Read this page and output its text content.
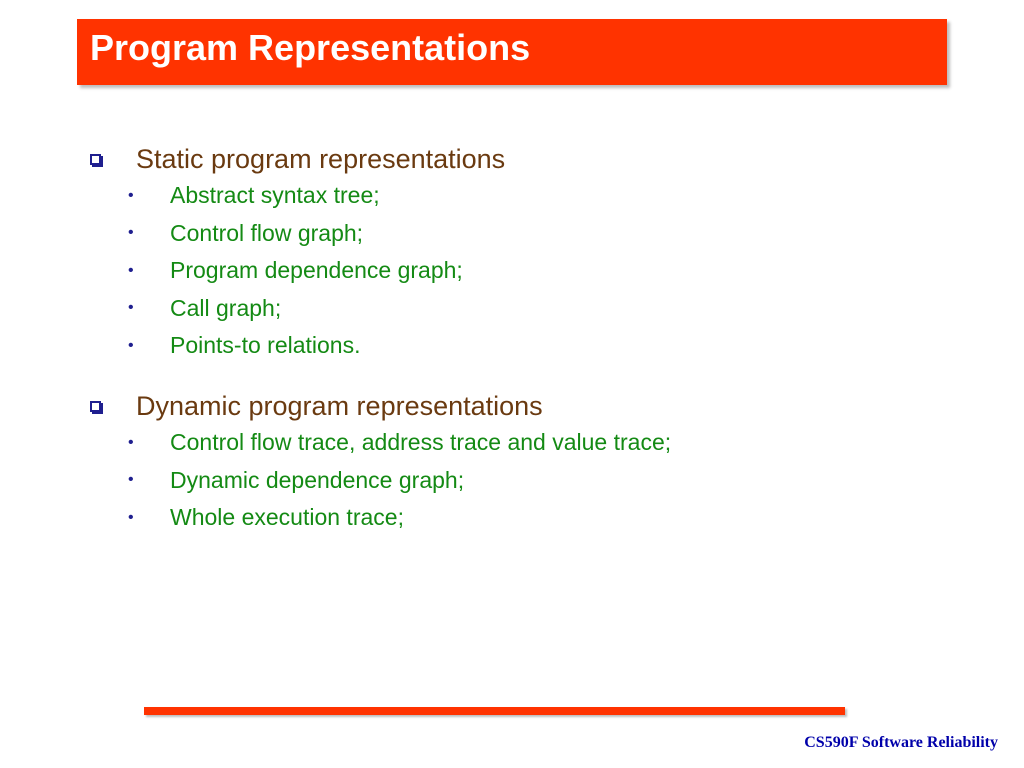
Program Representations
Static program representations
•	Abstract syntax tree;
•	Control flow graph;
•	Program dependence graph;
•	Call graph;
•	Points-to relations.
Dynamic program representations
•	Control flow trace, address trace and value trace;
•	Dynamic dependence graph;
•	Whole execution trace;
CS590F Software Reliability
